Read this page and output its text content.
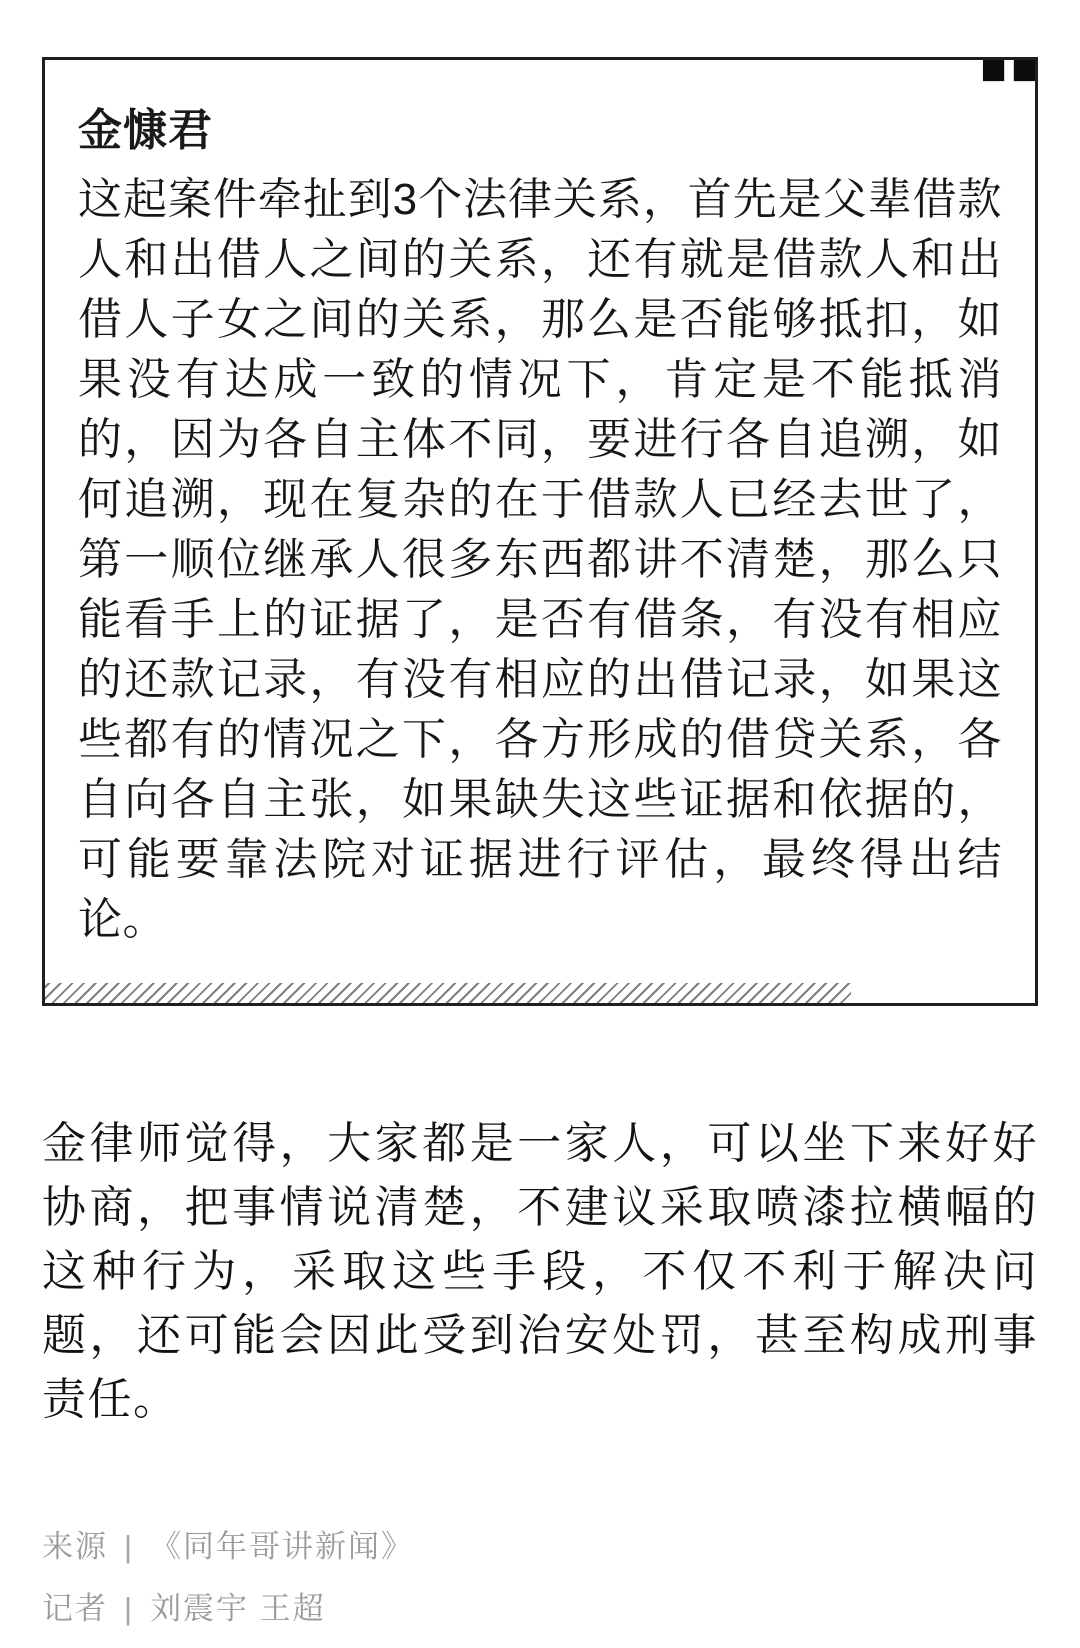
金慷君

这起案件牵扯到3个法律关系，首先是父辈借款人和出借人之间的关系，还有就是借款人和出借人子女之间的关系，那么是否能够抵扣，如果没有达成一致的情况下，肯定是不能抵消的，因为各自主体不同，要进行各自追溯，如何追溯，现在复杂的在于借款人已经去世了，第一顺位继承人很多东西都讲不清楚，那么只能看手上的证据了，是否有借条，有没有相应的还款记录，有没有相应的出借记录，如果这些都有的情况之下，各方形成的借贷关系，各自向各自主张，如果缺失这些证据和依据的，可能要靠法院对证据进行评估，最终得出结论。

金律师觉得，大家都是一家人，可以坐下来好好协商，把事情说清楚，不建议采取喷漆拉横幅的这种行为，采取这些手段，不仅不利于解决问题，还可能会因此受到治安处罚，甚至构成刑事责任。

来源 | 《同年哥讲新闻》
记者 | 刘震宇 王超
